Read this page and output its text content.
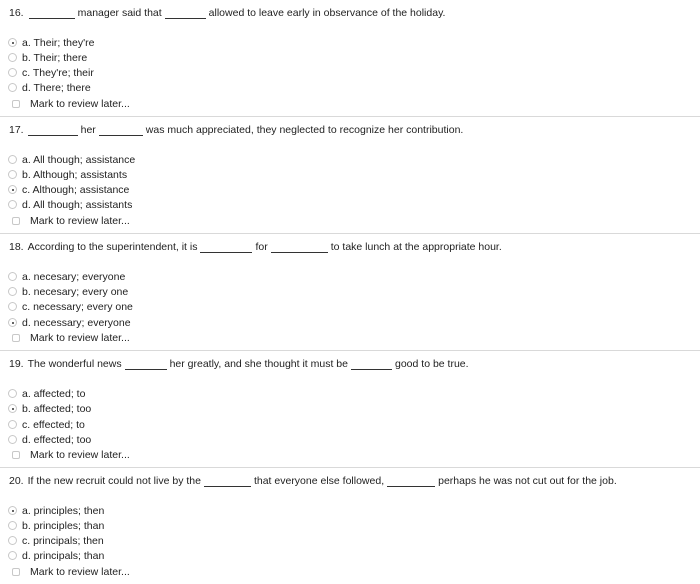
16.	manager said that	allowed to leave early in observance of the holiday.
a. Their; they're
b. Their; there
c. They're; their
d. There; there
Mark to review later...
17.	her	was much appreciated, they neglected to recognize her contribution.
a. All though; assistance
b. Although; assistants
c. Although; assistance
d. All though; assistants
Mark to review later...
18. According to the superintendent, it is	for	to take lunch at the appropriate hour.
a. necesary; everyone
b. necesary; every one
c. necessary; every one
d. necessary; everyone
Mark to review later...
19. The wonderful news	her greatly, and she thought it must be	good to be true.
a. affected; to
b. affected; too
c. effected; to
d. effected; too
Mark to review later...
20. If the new recruit could not live by the	that everyone else followed,	perhaps he was not cut out for the job.
a. principles; then
b. principles; than
c. principals; then
d. principals; than
Mark to review later...
